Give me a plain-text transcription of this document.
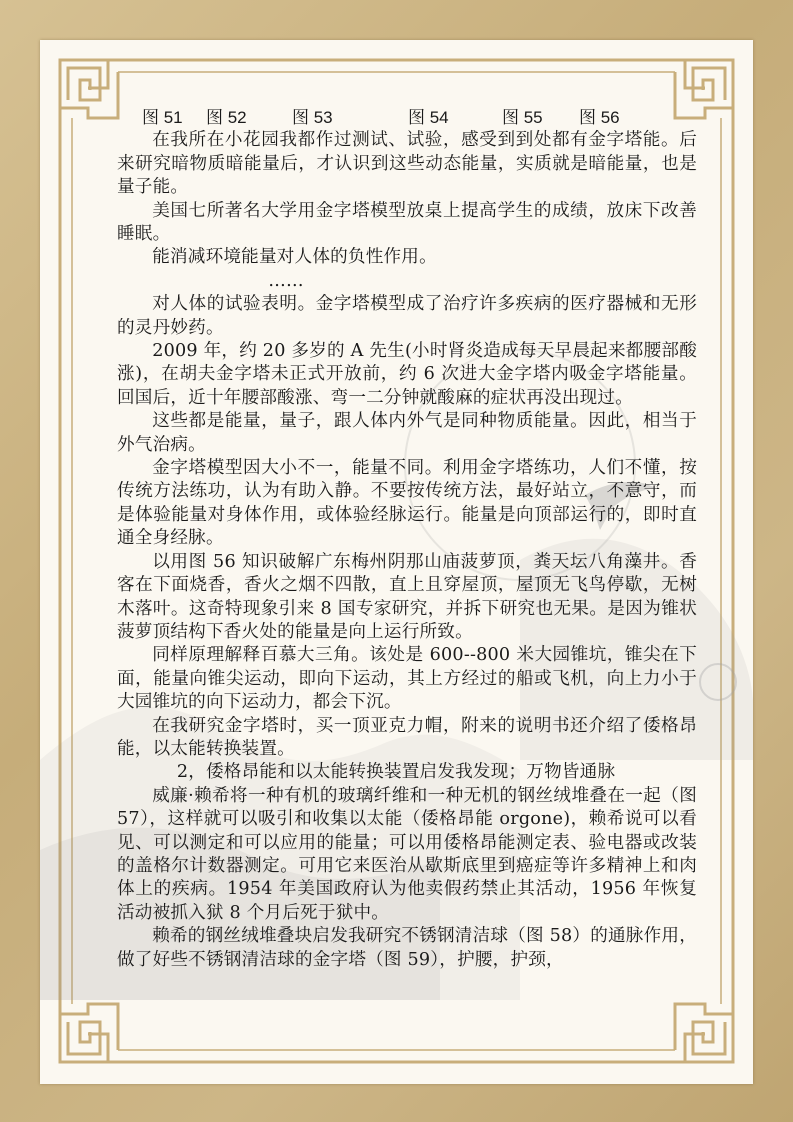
图 51 图 52	图 53	图 54	图 55 图 56

在我所在小花园我都作过测试、试验，感受到到处都有金字塔能。后来研究暗物质暗能量后，才认识到这些动态能量，实质就是暗能量，也是量子能。

美国七所著名大学用金字塔模型放桌上提高学生的成绩，放床下改善睡眠。

能消减环境能量对人体的负性作用。

……

对人体的试验表明。金字塔模型成了治疗许多疾病的医疗器械和无形的灵丹妙药。

2009 年，约 20 多岁的 A 先生(小时肾炎造成每天早晨起来都腰部酸涨)，在胡夫金字塔未正式开放前，约 6 次进大金字塔内吸金字塔能量。回国后，近十年腰部酸涨、弯一二分钟就酸麻的症状再没出现过。

这些都是能量，量子，跟人体内外气是同种物质能量。因此，相当于外气治病。

金字塔模型因大小不一，能量不同。利用金字塔练功，人们不懂，按传统方法练功，认为有助入静。不要按传统方法，最好站立，不意守，而是体验能量对身体作用，或体验经脉运行。能量是向顶部运行的，即时直通全身经脉。

以用图 56 知识破解广东梅州阴那山庙菠萝顶，粪天坛八角藻井。香客在下面烧香，香火之烟不四散，直上且穿屋顶，屋顶无飞鸟停歇，无树木落叶。这奇特现象引来 8 国专家研究，并拆下研究也无果。是因为锥状菠萝顶结构下香火处的能量是向上运行所致。

同样原理解释百慕大三角。该处是 600--800 米大园锥坑，锥尖在下面，能量向锥尖运动，即向下运动，其上方经过的船或飞机，向上力小于大园锥坑的向下运动力，都会下沉。

在我研究金字塔时，买一顶亚克力帽，附来的说明书还介绍了倭格昂能，以太能转换装置。

2，倭格昂能和以太能转换装置启发我发现；万物皆通脉

威廉·赖希将一种有机的玻璃纤维和一种无机的钢丝绒堆叠在一起（图 57），这样就可以吸引和收集以太能（倭格昂能 orgone)，赖希说可以看见、可以测定和可以应用的能量；可以用倭格昂能测定表、验电器或改装的盖格尔计数器测定。可用它来医治从歇斯底里到癌症等许多精神上和肉体上的疾病。1954 年美国政府认为他卖假药禁止其活动，1956 年恢复活动被抓入狱 8 个月后死于狱中。

赖希的钢丝绒堆叠块启发我研究不锈钢清洁球（图 58）的通脉作用，做了好些不锈钢清洁球的金字塔（图 59），护腰，护颈，
